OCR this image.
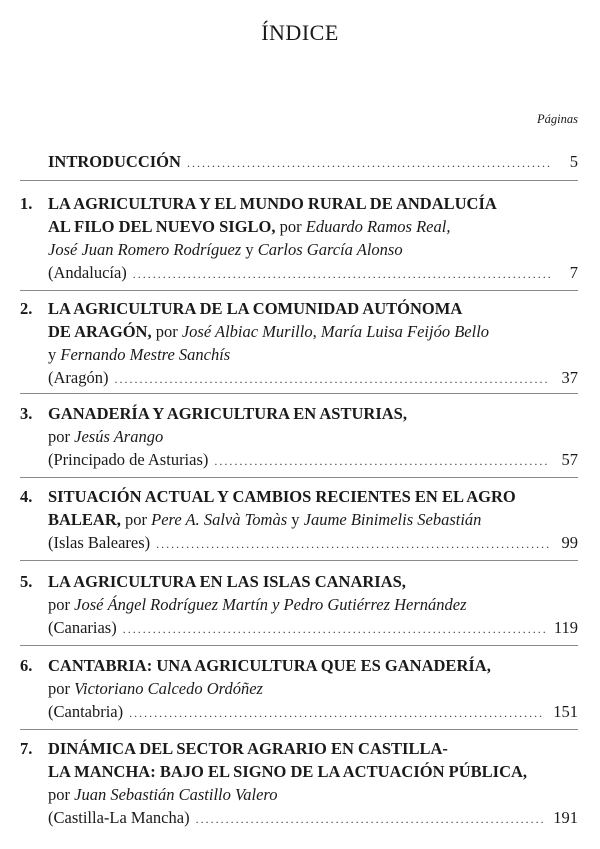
ÍNDICE
Páginas
INTRODUCCIÓN .....	5
1. LA AGRICULTURA Y EL MUNDO RURAL DE ANDALUCÍA
AL FILO DEL NUEVO SIGLO,
por
Eduardo Ramos Real,
José Juan Romero Rodríguez
y
Carlos García Alonso
(Andalucía) .....	7
2. LA AGRICULTURA DE LA COMUNIDAD AUTÓNOMA
DE ARAGÓN,
por
José Albiac Murillo, María Luisa Feijóo Bello
y
Fernando Mestre Sanchís
(Aragón) .....	37
3. GANADERÍA Y AGRICULTURA EN ASTURIAS,
por
Jesús Arango
(Principado de Asturias) .....	57
4. SITUACIÓN ACTUAL Y CAMBIOS RECIENTES EN EL AGRO
BALEAR,
por
Pere A. Salvà Tomàs
y
Jaume Binimelis Sebastián
(Islas Baleares) .....	99
5. LA AGRICULTURA EN LAS ISLAS CANARIAS,
por
José Ángel Rodríguez Martín
y
Pedro Gutiérrez Hernández
(Canarias) .....	119
6. CANTABRIA: UNA AGRICULTURA QUE ES GANADERÍA,
por
Victoriano Calcedo Ordóñez
(Cantabria) .....	151
7. DINÁMICA DEL SECTOR AGRARIO EN CASTILLA-
LA MANCHA: BAJO EL SIGNO DE LA ACTUACIÓN PÚBLICA,
por
Juan Sebastián Castillo Valero
(Castilla-La Mancha) .....	191
